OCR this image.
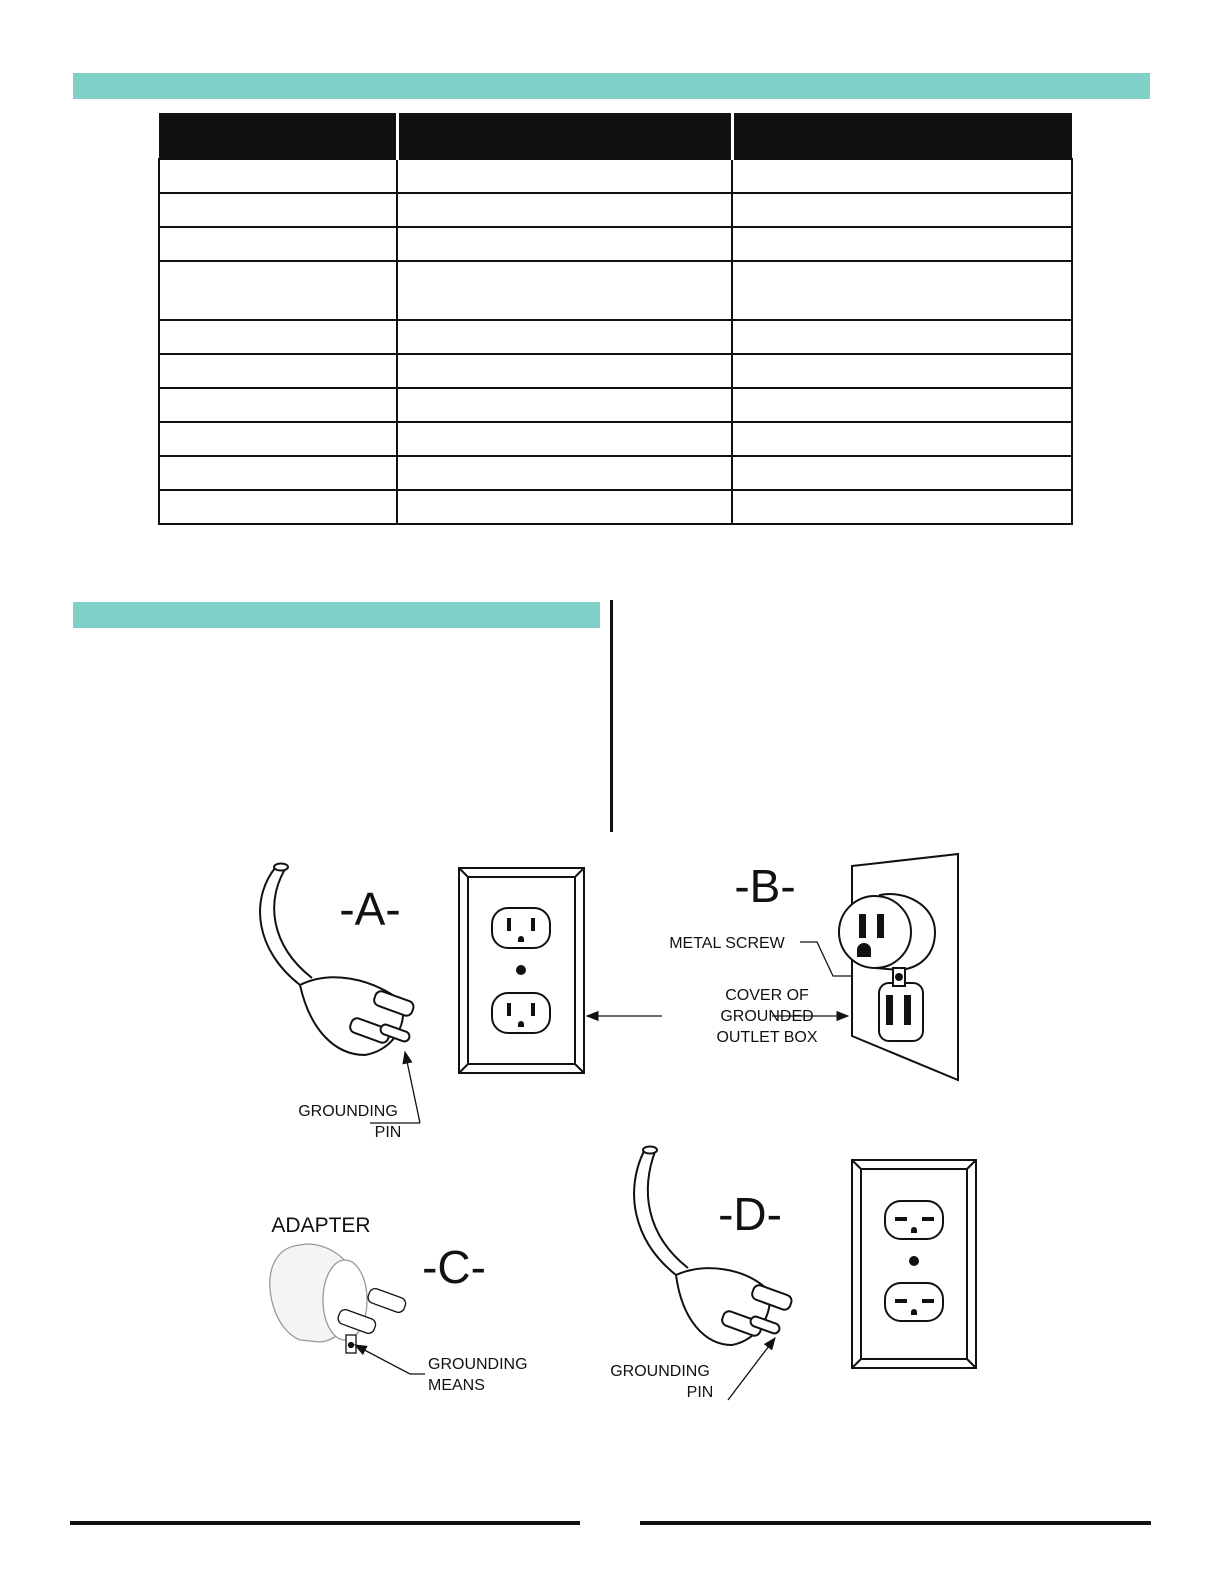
-A-
GROUNDING
PIN
COVER OF
GROUNDED
OUTLET BOX
-B-
METAL SCREW
ADAPTER
-C-
GROUNDING
MEANS
-D-
GROUNDING
PIN
